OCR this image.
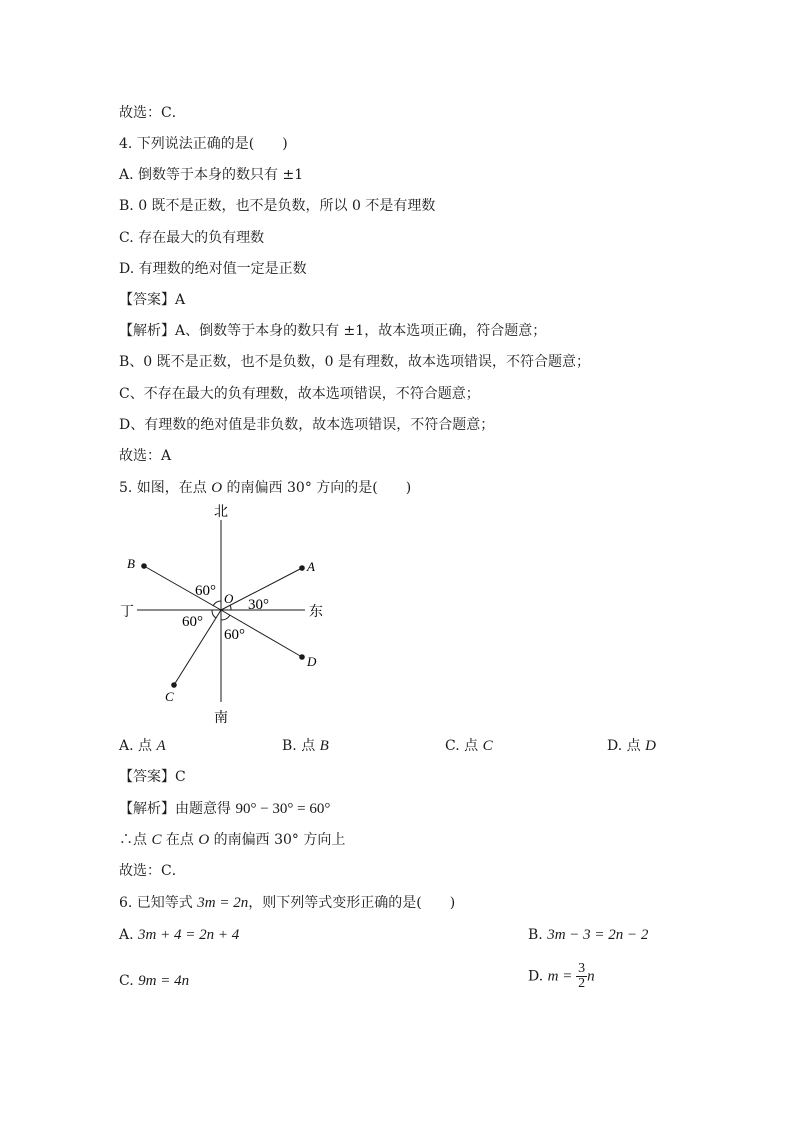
故选：C．
4. 下列说法正确的是(　　)
A. 倒数等于本身的数只有 ±1
B. 0 既不是正数，也不是负数，所以 0 不是有理数
C. 存在最大的负有理数
D. 有理数的绝对值一定是正数
【答案】A
【解析】A、倒数等于本身的数只有 ±1，故本选项正确，符合题意；
B、0 既不是正数，也不是负数，0 是有理数，故本选项错误，不符合题意；
C、不存在最大的负有理数，故本选项错误，不符合题意；
D、有理数的绝对值是非负数，故本选项错误，不符合题意；
故选：A
5. 如图，在点 O 的南偏西 30° 方向的是(　　)
北
南
东
丁
A
B
C
D
O
60°
30°
60°
60°
A. 点 A	B. 点 B	C. 点 C	D. 点 D
【答案】C
【解析】由题意得 90° − 30° = 60°
∴点 C 在点 O 的南偏西 30° 方向上
故选：C．
6. 已知等式 3m = 2n，则下列等式变形正确的是(　　)
A. 3m + 4 = 2n + 4	B. 3m − 3 = 2n − 2
C. 9m = 4n	D. $m = \frac{3}{2}$ n
